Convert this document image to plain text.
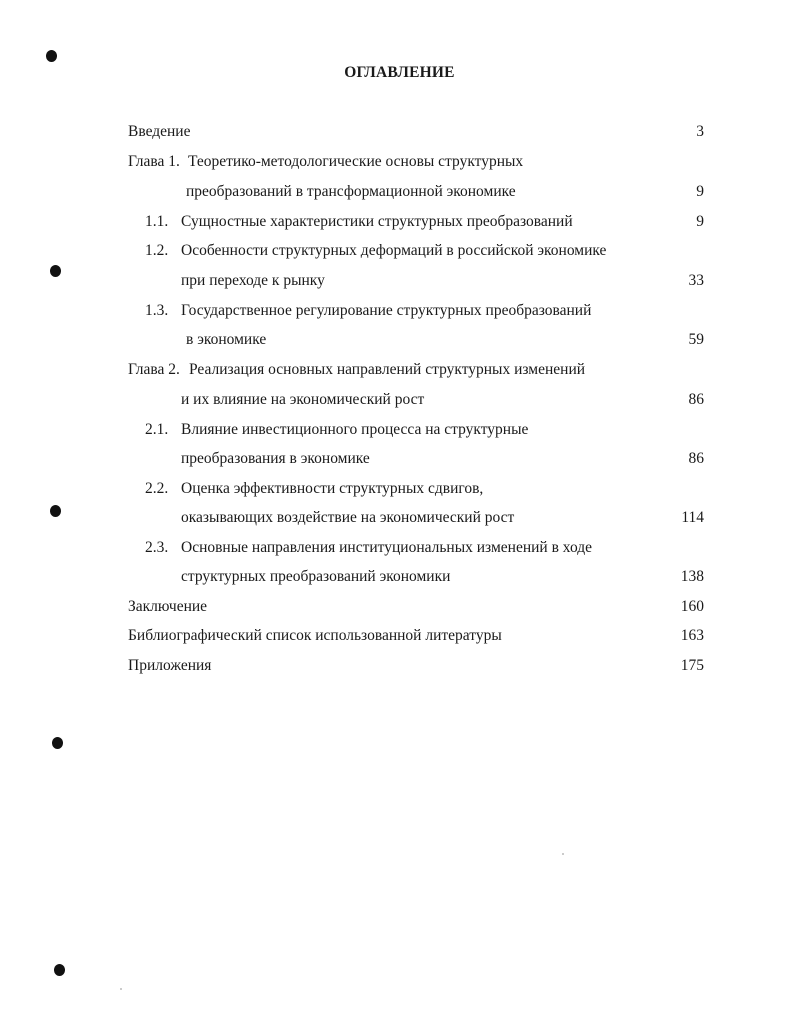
ОГЛАВЛЕНИЕ
Введение	3
Глава 1. Теоретико-методологические основы структурных
преобразований в трансформационной экономике	9
1.1. Сущностные характеристики структурных преобразований	9
1.2. Особенности структурных деформаций в российской экономике
при переходе к рынку	33
1.3. Государственное регулирование структурных преобразований
в экономике	59
Глава 2. Реализация основных направлений структурных изменений
и их влияние на экономический рост	86
2.1. Влияние инвестиционного процесса на структурные
преобразования в экономике	86
2.2. Оценка эффективности структурных сдвигов,
оказывающих воздействие на экономический рост	114
2.3. Основные направления институциональных изменений в ходе
структурных преобразований экономики	138
Заключение	160
Библиографический список использованной литературы	163
Приложения	175
